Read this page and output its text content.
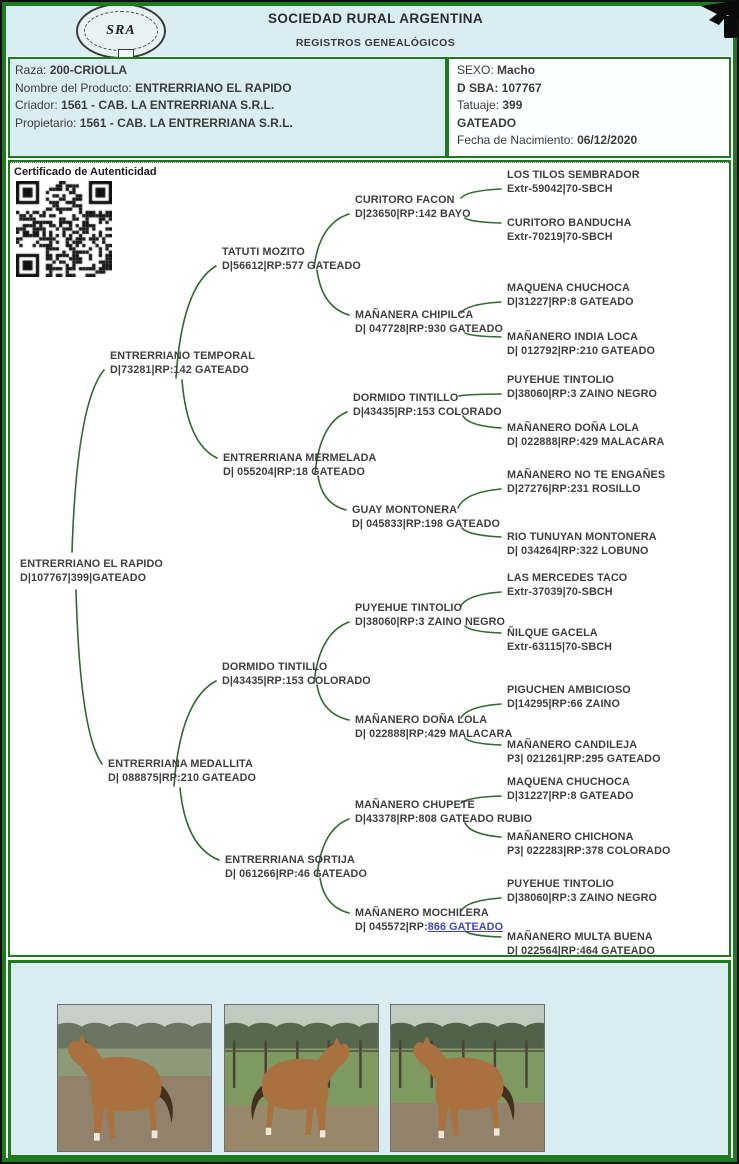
SRA
SOCIEDAD RURAL ARGENTINA
REGISTROS GENEALÓGICOS
Raza: 200-CRIOLLA
Nombre del Producto: ENTRERRIANO EL RAPIDO
Criador: 1561 - CAB. LA ENTRERRIANA S.R.L.
Propietario: 1561 - CAB. LA ENTRERRIANA S.R.L.
SEXO: Macho
D SBA: 107767
Tatuaje: 399
GATEADO
Fecha de Nacimiento: 06/12/2020
Certificado de Autenticidad
ENTRERRIANO EL RAPIDO
D|107767|399|GATEADO
ENTRERRIANO TEMPORAL
D|73281|RP:142 GATEADO
ENTRERRIANA MEDALLITA
D| 088875|RP:210 GATEADO
TATUTI MOZITO
D|56612|RP:577 GATEADO
ENTRERRIANA MERMELADA
D| 055204|RP:18 GATEADO
DORMIDO TINTILLO
D|43435|RP:153 COLORADO
ENTRERRIANA SORTIJA
D| 061266|RP:46 GATEADO
CURITORO FACON
D|23650|RP:142 BAYO
MAÑANERA CHIPILCA
D| 047728|RP:930 GATEADO
DORMIDO TINTILLO
D|43435|RP:153 COLORADO
GUAY MONTONERA
D| 045833|RP:198 GATEADO
PUYEHUE TINTOLIO
D|38060|RP:3 ZAINO NEGRO
MAÑANERO DOÑA LOLA
D| 022888|RP:429 MALACARA
MAÑANERO CHUPETE
D|43378|RP:808 GATEADO RUBIO
MAÑANERO MOCHILERA
D| 045572|RP:866 GATEADO
LOS TILOS SEMBRADOR
Extr-59042|70-SBCH
CURITORO BANDUCHA
Extr-70219|70-SBCH
MAQUENA CHUCHOCA
D|31227|RP:8 GATEADO
MAÑANERO INDIA LOCA
D| 012792|RP:210 GATEADO
PUYEHUE TINTOLIO
D|38060|RP:3 ZAINO NEGRO
MAÑANERO DOÑA LOLA
D| 022888|RP:429 MALACARA
MAÑANERO NO TE ENGAÑES
D|27276|RP:231 ROSILLO
RIO TUNUYAN MONTONERA
D| 034264|RP:322 LOBUNO
LAS MERCEDES TACO
Extr-37039|70-SBCH
ÑILQUE GACELA
Extr-63115|70-SBCH
PIGUCHEN AMBICIOSO
D|14295|RP:66 ZAINO
MAÑANERO CANDILEJA
P3| 021261|RP:295 GATEADO
MAQUENA CHUCHOCA
D|31227|RP:8 GATEADO
MAÑANERO CHICHONA
P3| 022283|RP:378 COLORADO
PUYEHUE TINTOLIO
D|38060|RP:3 ZAINO NEGRO
MAÑANERO MULTA BUENA
D| 022564|RP:464 GATEADO
